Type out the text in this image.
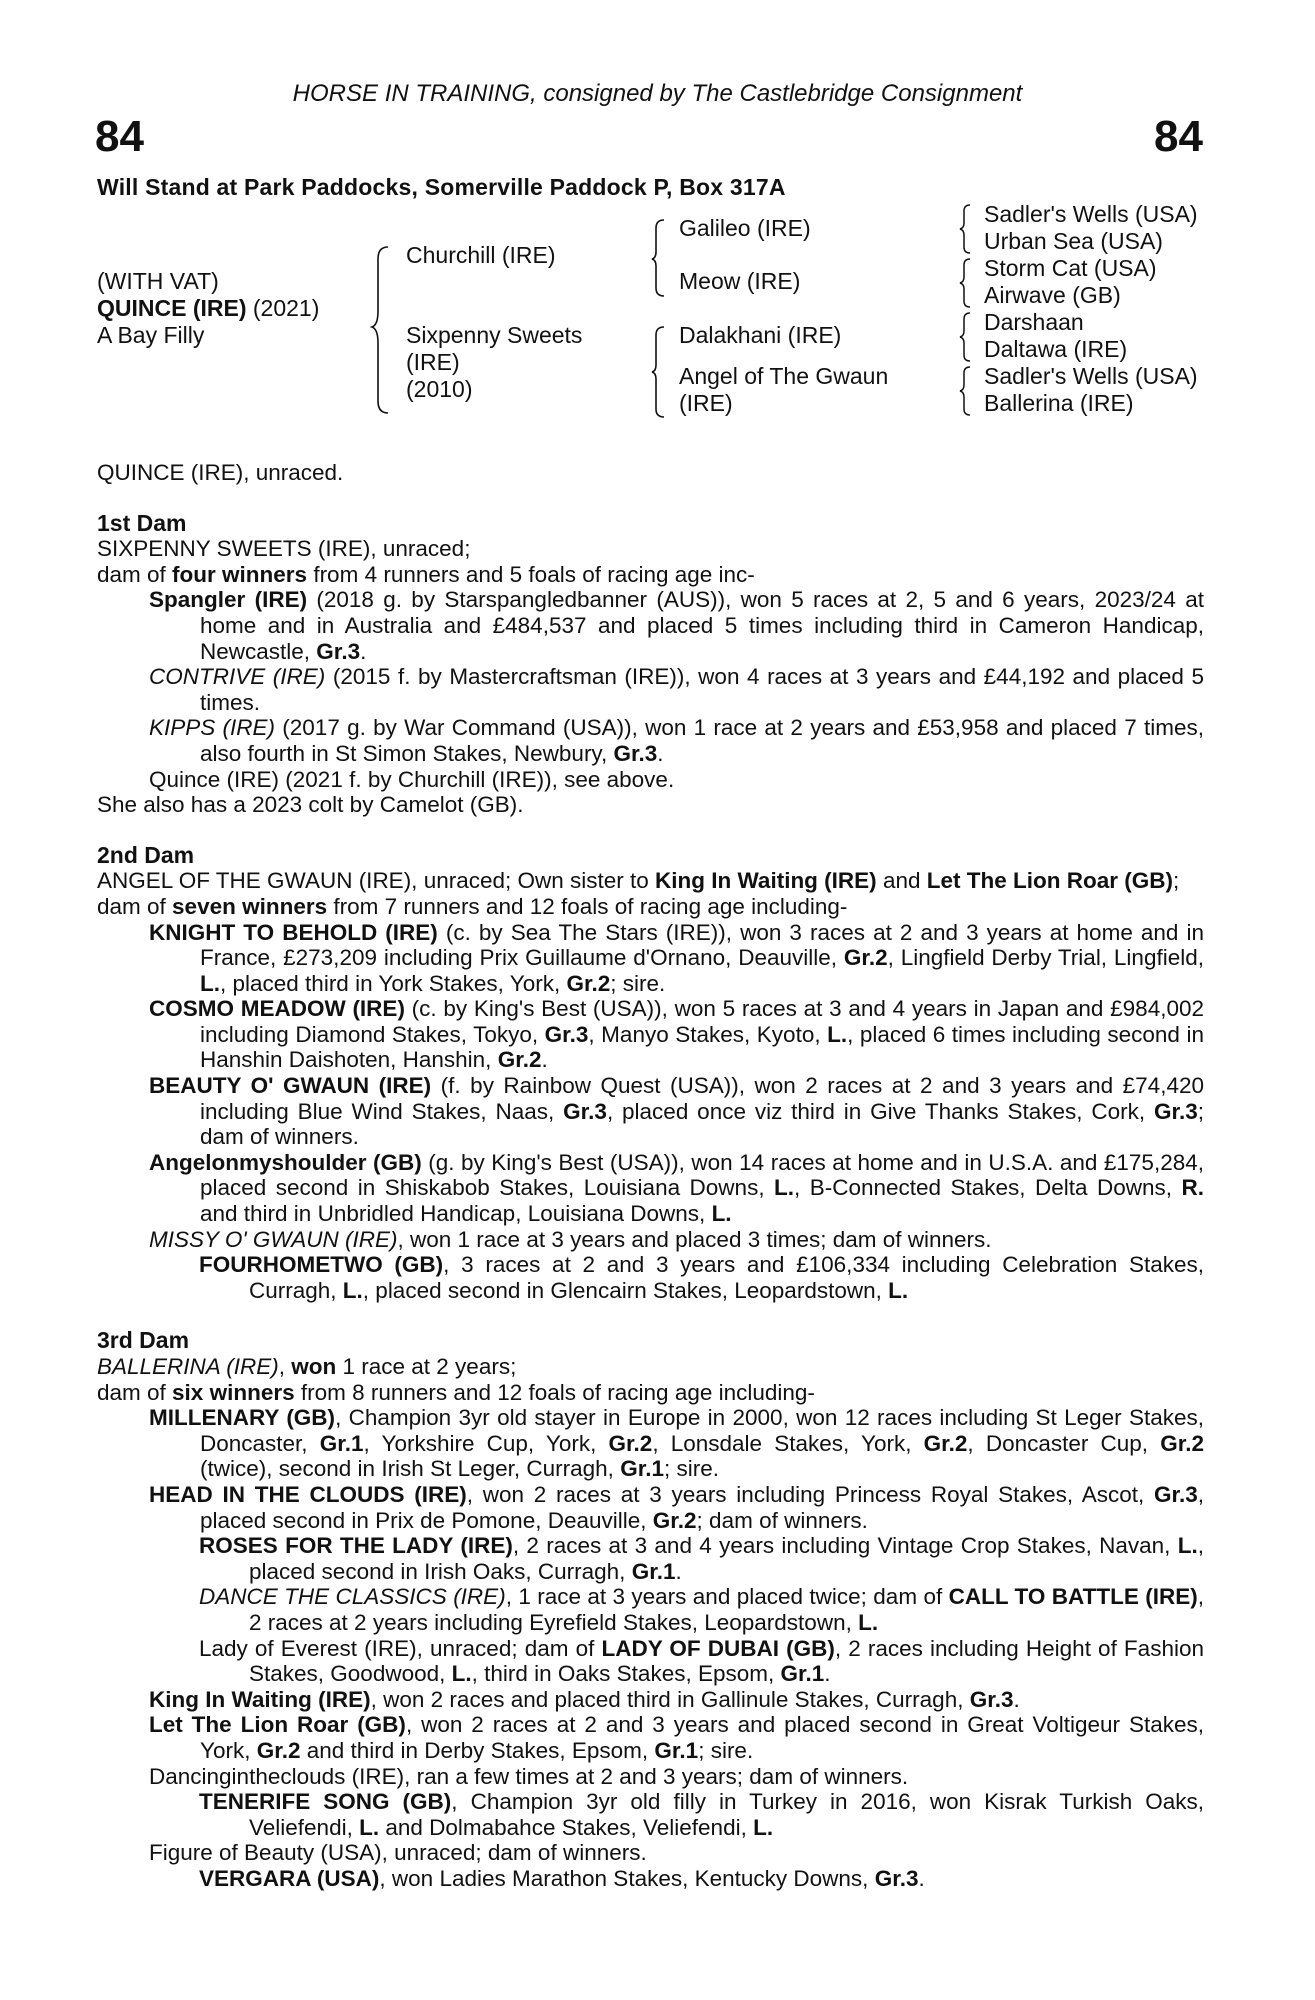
HORSE IN TRAINING, consigned by The Castlebridge Consignment
84	84
Will Stand at Park Paddocks, Somerville Paddock P, Box 317A
(WITH VAT)
QUINCE (IRE) (2021)
A Bay Filly
Churchill (IRE)
Sixpenny Sweets
(IRE)
(2010)
Galileo (IRE)
Meow (IRE)
Dalakhani (IRE)
Angel of The Gwaun
(IRE)
Sadler's Wells (USA)
Urban Sea (USA)
Storm Cat (USA)
Airwave (GB)
Darshaan
Daltawa (IRE)
Sadler's Wells (USA)
Ballerina (IRE)

QUINCE (IRE), unraced.

1st Dam

SIXPENNY SWEETS (IRE), unraced;

dam of four winners from 4 runners and 5 foals of racing age inc-

Spangler (IRE) (2018 g. by Starspangledbanner (AUS)), won 5 races at 2, 5 and 6 years, 2023/24 at home and in Australia and £484,537 and placed 5 times including third in Cameron Handicap, Newcastle, Gr.3.

CONTRIVE (IRE) (2015 f. by Mastercraftsman (IRE)), won 4 races at 3 years and £44,192 and placed 5 times.

KIPPS (IRE) (2017 g. by War Command (USA)), won 1 race at 2 years and £53,958 and placed 7 times, also fourth in St Simon Stakes, Newbury, Gr.3.

Quince (IRE) (2021 f. by Churchill (IRE)), see above.

She also has a 2023 colt by Camelot (GB).

2nd Dam

ANGEL OF THE GWAUN (IRE), unraced; Own sister to King In Waiting (IRE) and Let The Lion Roar (GB);

dam of seven winners from 7 runners and 12 foals of racing age including-

KNIGHT TO BEHOLD (IRE) (c. by Sea The Stars (IRE)), won 3 races at 2 and 3 years at home and in France, £273,209 including Prix Guillaume d'Ornano, Deauville, Gr.2, Lingfield Derby Trial, Lingfield, L., placed third in York Stakes, York, Gr.2; sire.

COSMO MEADOW (IRE) (c. by King's Best (USA)), won 5 races at 3 and 4 years in Japan and £984,002 including Diamond Stakes, Tokyo, Gr.3, Manyo Stakes, Kyoto, L., placed 6 times including second in Hanshin Daishoten, Hanshin, Gr.2.

BEAUTY O' GWAUN (IRE) (f. by Rainbow Quest (USA)), won 2 races at 2 and 3 years and £74,420 including Blue Wind Stakes, Naas, Gr.3, placed once viz third in Give Thanks Stakes, Cork, Gr.3; dam of winners.

Angelonmyshoulder (GB) (g. by King's Best (USA)), won 14 races at home and in U.S.A. and £175,284, placed second in Shiskabob Stakes, Louisiana Downs, L., B-Connected Stakes, Delta Downs, R. and third in Unbridled Handicap, Louisiana Downs, L.

MISSY O' GWAUN (IRE), won 1 race at 3 years and placed 3 times; dam of winners.

FOURHOMETWO (GB), 3 races at 2 and 3 years and £106,334 including Celebration Stakes, Curragh, L., placed second in Glencairn Stakes, Leopardstown, L.

3rd Dam

BALLERINA (IRE), won 1 race at 2 years;

dam of six winners from 8 runners and 12 foals of racing age including-

MILLENARY (GB), Champion 3yr old stayer in Europe in 2000, won 12 races including St Leger Stakes, Doncaster, Gr.1, Yorkshire Cup, York, Gr.2, Lonsdale Stakes, York, Gr.2, Doncaster Cup, Gr.2 (twice), second in Irish St Leger, Curragh, Gr.1; sire.

HEAD IN THE CLOUDS (IRE), won 2 races at 3 years including Princess Royal Stakes, Ascot, Gr.3, placed second in Prix de Pomone, Deauville, Gr.2; dam of winners.

ROSES FOR THE LADY (IRE), 2 races at 3 and 4 years including Vintage Crop Stakes, Navan, L., placed second in Irish Oaks, Curragh, Gr.1.

DANCE THE CLASSICS (IRE), 1 race at 3 years and placed twice; dam of CALL TO BATTLE (IRE), 2 races at 2 years including Eyrefield Stakes, Leopardstown, L.

Lady of Everest (IRE), unraced; dam of LADY OF DUBAI (GB), 2 races including Height of Fashion Stakes, Goodwood, L., third in Oaks Stakes, Epsom, Gr.1.

King In Waiting (IRE), won 2 races and placed third in Gallinule Stakes, Curragh, Gr.3.

Let The Lion Roar (GB), won 2 races at 2 and 3 years and placed second in Great Voltigeur Stakes, York, Gr.2 and third in Derby Stakes, Epsom, Gr.1; sire.

Dancingintheclouds (IRE), ran a few times at 2 and 3 years; dam of winners.

TENERIFE SONG (GB), Champion 3yr old filly in Turkey in 2016, won Kisrak Turkish Oaks, Veliefendi, L. and Dolmabahce Stakes, Veliefendi, L.

Figure of Beauty (USA), unraced; dam of winners.

VERGARA (USA), won Ladies Marathon Stakes, Kentucky Downs, Gr.3.
